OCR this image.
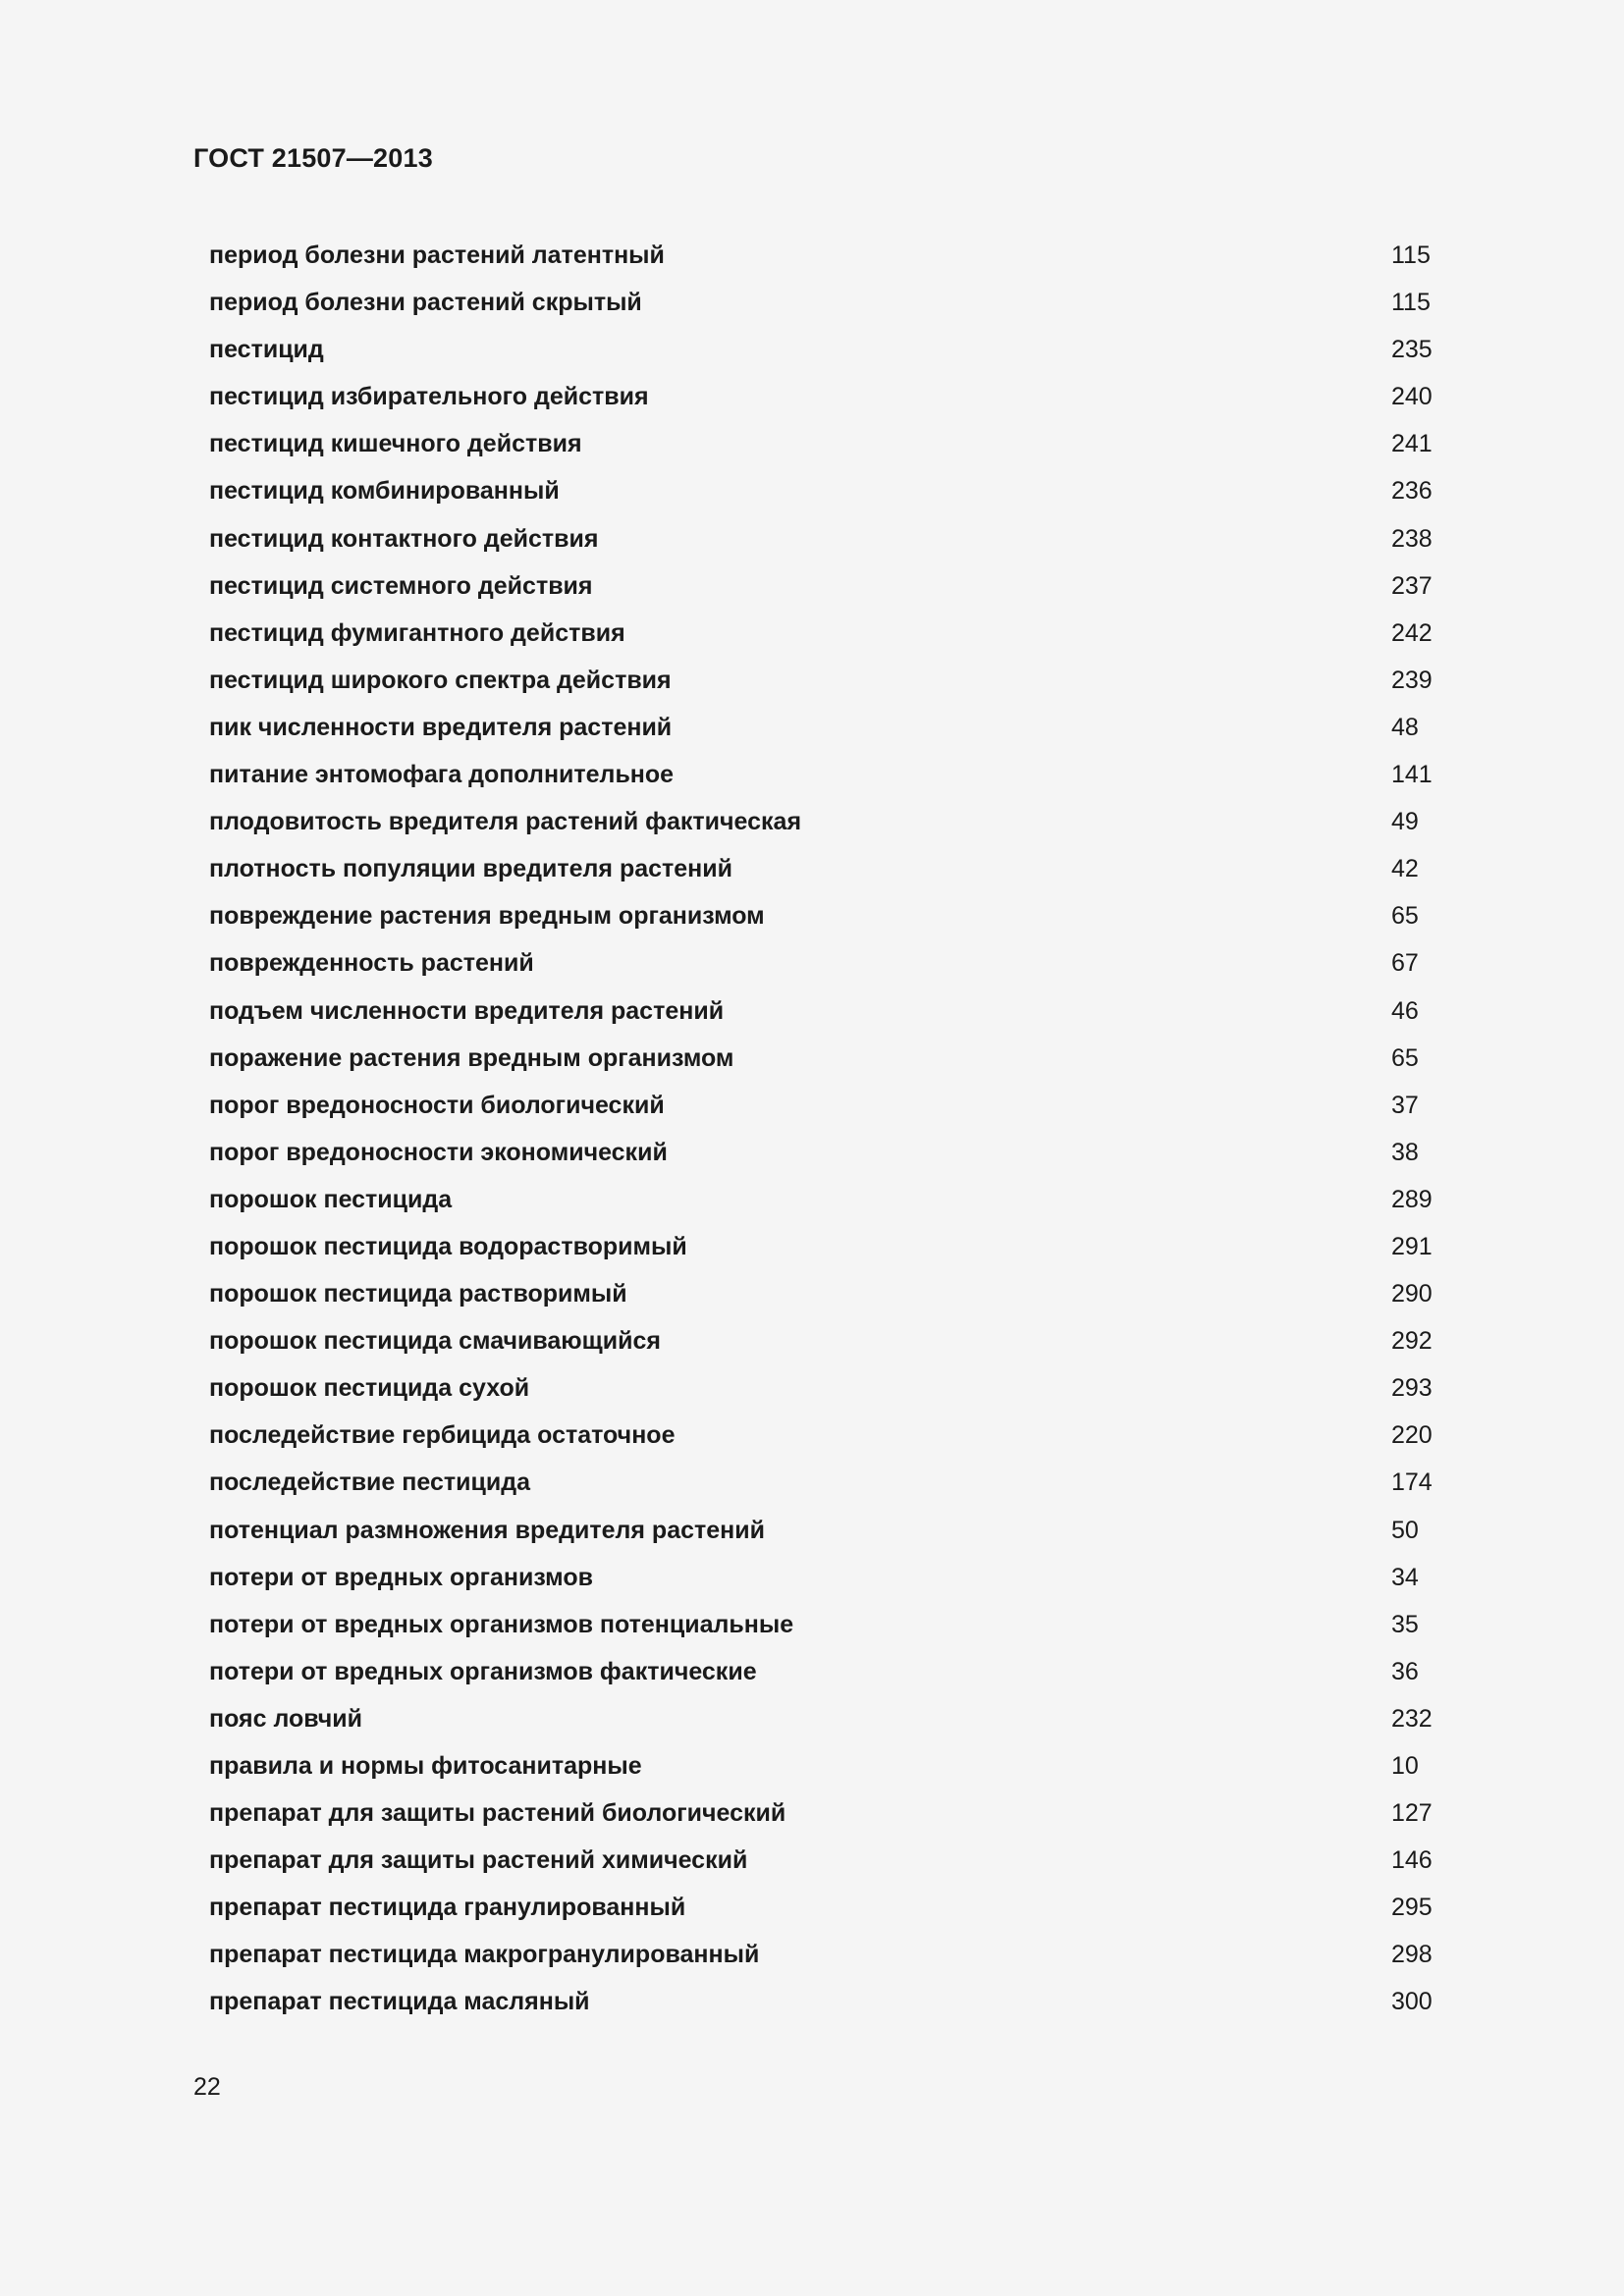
ГОСТ 21507—2013
период болезни растений латентный	115
период болезни растений скрытый	115
пестицид	235
пестицид избирательного действия	240
пестицид кишечного действия	241
пестицид комбинированный	236
пестицид контактного действия	238
пестицид системного действия	237
пестицид фумигантного действия	242
пестицид широкого спектра действия	239
пик численности вредителя растений	48
питание энтомофага дополнительное	141
плодовитость вредителя растений фактическая	49
плотность популяции вредителя растений	42
повреждение растения вредным организмом	65
поврежденность растений	67
подъем численности вредителя растений	46
поражение растения вредным организмом	65
порог вредоносности биологический	37
порог вредоносности экономический	38
порошок пестицида	289
порошок пестицида водорастворимый	291
порошок пестицида растворимый	290
порошок пестицида смачивающийся	292
порошок пестицида сухой	293
последействие гербицида остаточное	220
последействие пестицида	174
потенциал размножения вредителя растений	50
потери от вредных организмов	34
потери от вредных организмов потенциальные	35
потери от вредных организмов фактические	36
пояс ловчий	232
правила и нормы фитосанитарные	10
препарат для защиты растений биологический	127
препарат для защиты растений химический	146
препарат пестицида гранулированный	295
препарат пестицида макрогранулированный	298
препарат пестицида масляный	300
22
